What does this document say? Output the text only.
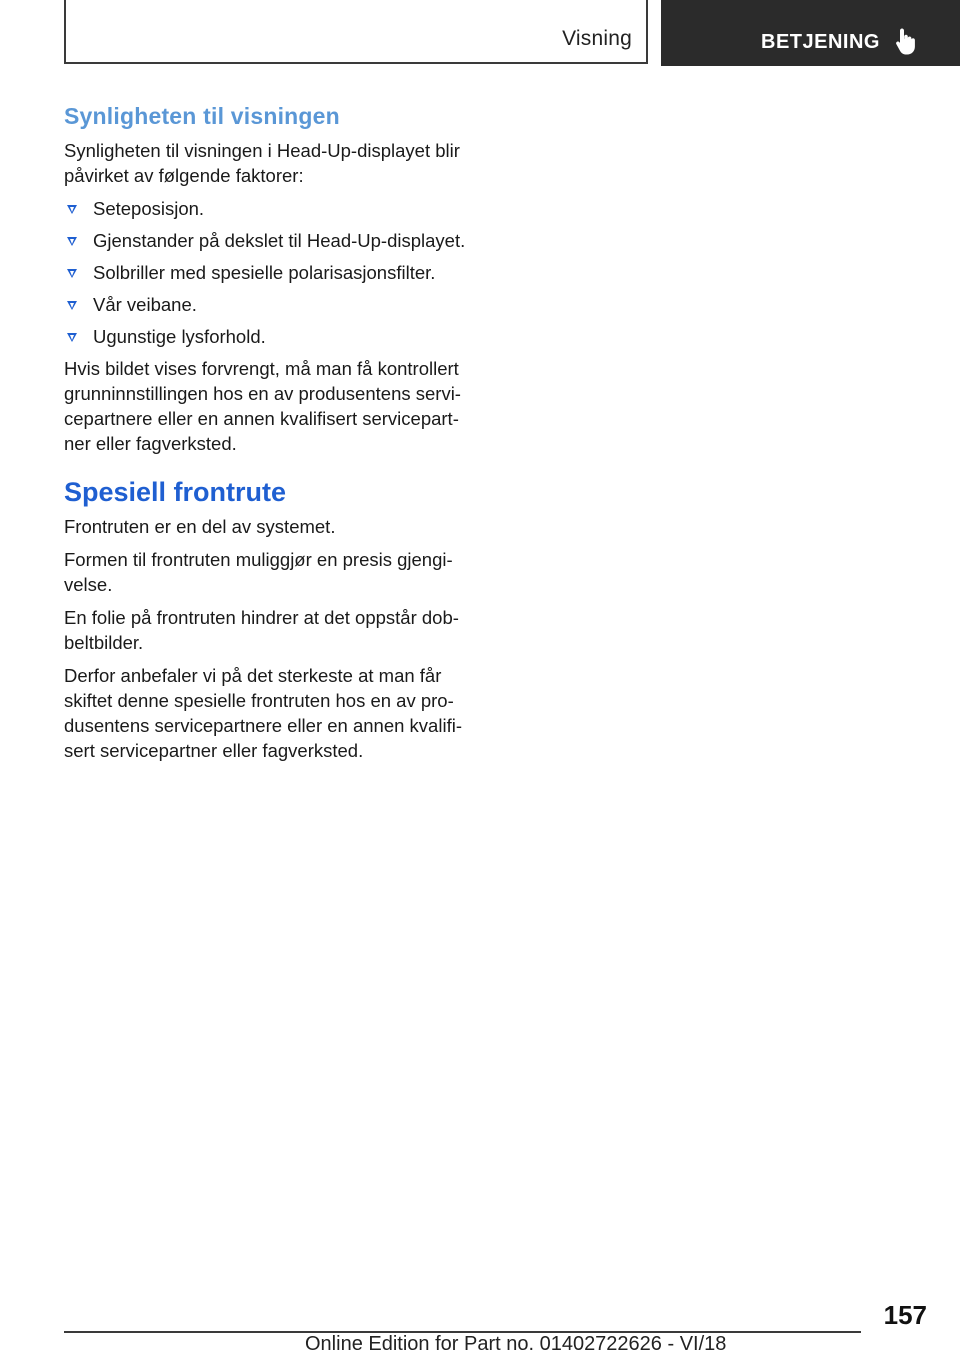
Visning	BETJENING
Synligheten til visningen

Synligheten til visningen i Head-Up-displayet blir påvirket av følgende faktorer:

Seteposisjon.
Gjenstander på dekslet til Head-Up-displayet.
Solbriller med spesielle polarisasjonsfilter.
Vår veibane.
Ugunstige lysforhold.

Hvis bildet vises forvrengt, må man få kontrollert grunninnstillingen hos en av produsentens servi-cepartnere eller en annen kvalifisert servicepart-ner eller fagverksted.

Spesiell frontrute

Frontruten er en del av systemet.

Formen til frontruten muliggjør en presis gjengi-velse.

En folie på frontruten hindrer at det oppstår dob-beltbilder.

Derfor anbefaler vi på det sterkeste at man får skiftet denne spesielle frontruten hos en av pro-dusentens servicepartnere eller en annen kvalifi-sert servicepartner eller fagverksted.

157
Online Edition for Part no. 01402722626 - VI/18
